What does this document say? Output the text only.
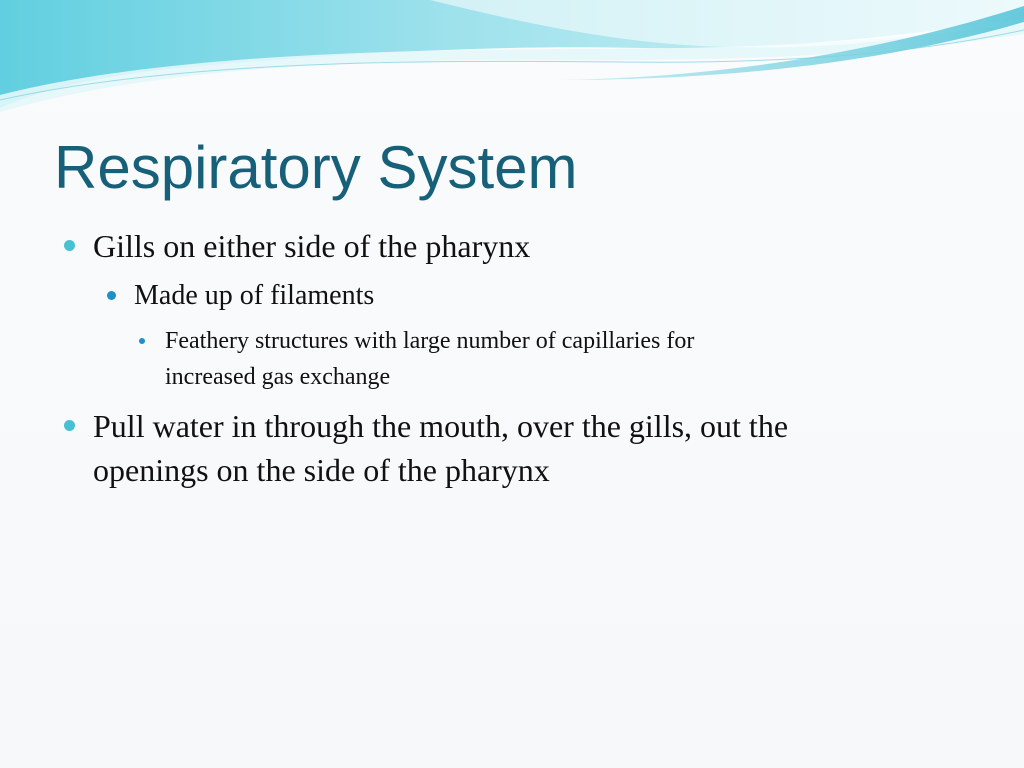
Respiratory System
Gills on either side of the pharynx
Made up of filaments
Feathery structures with large number of capillaries for
increased gas exchange
Pull water in through the mouth, over the gills, out the
openings on the side of the pharynx
